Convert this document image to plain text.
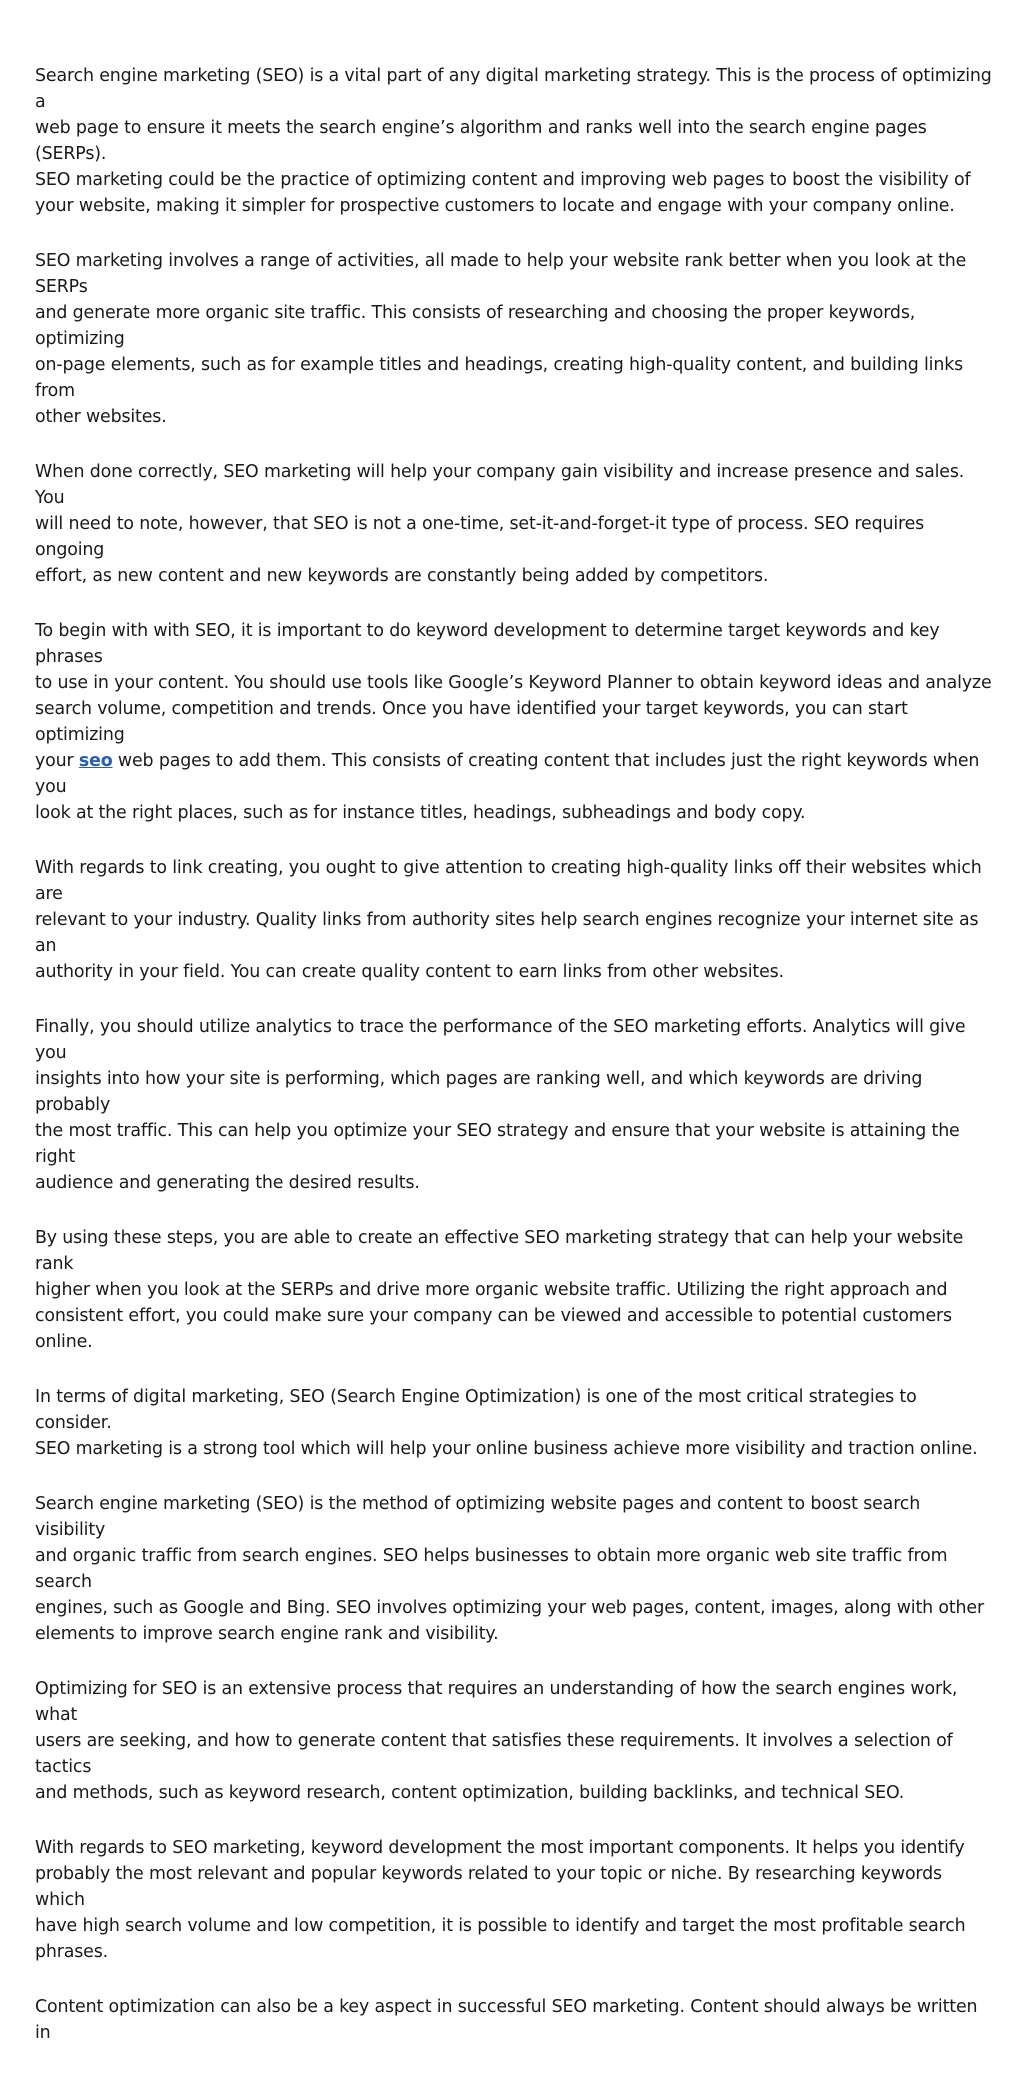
Search engine marketing (SEO) is a vital part of any digital marketing strategy. This is the process of optimizing a
web page to ensure it meets the search engine’s algorithm and ranks well into the search engine pages (SERPs).
SEO marketing could be the practice of optimizing content and improving web pages to boost the visibility of
your website, making it simpler for prospective customers to locate and engage with your company online.

SEO marketing involves a range of activities, all made to help your website rank better when you look at the SERPs
and generate more organic site traffic. This consists of researching and choosing the proper keywords, optimizing
on-page elements, such as for example titles and headings, creating high-quality content, and building links from
other websites.

When done correctly, SEO marketing will help your company gain visibility and increase presence and sales. You
will need to note, however, that SEO is not a one-time, set-it-and-forget-it type of process. SEO requires ongoing
effort, as new content and new keywords are constantly being added by competitors.

To begin with with SEO, it is important to do keyword development to determine target keywords and key phrases
to use in your content. You should use tools like Google’s Keyword Planner to obtain keyword ideas and analyze
search volume, competition and trends. Once you have identified your target keywords, you can start optimizing
your seo web pages to add them. This consists of creating content that includes just the right keywords when you
look at the right places, such as for instance titles, headings, subheadings and body copy.

With regards to link creating, you ought to give attention to creating high-quality links off their websites which are
relevant to your industry. Quality links from authority sites help search engines recognize your internet site as an
authority in your field. You can create quality content to earn links from other websites.

Finally, you should utilize analytics to trace the performance of the SEO marketing efforts. Analytics will give you
insights into how your site is performing, which pages are ranking well, and which keywords are driving probably
the most traffic. This can help you optimize your SEO strategy and ensure that your website is attaining the right
audience and generating the desired results.

By using these steps, you are able to create an effective SEO marketing strategy that can help your website rank
higher when you look at the SERPs and drive more organic website traffic. Utilizing the right approach and
consistent effort, you could make sure your company can be viewed and accessible to potential customers online.

In terms of digital marketing, SEO (Search Engine Optimization) is one of the most critical strategies to consider.
SEO marketing is a strong tool which will help your online business achieve more visibility and traction online.

Search engine marketing (SEO) is the method of optimizing website pages and content to boost search visibility
and organic traffic from search engines. SEO helps businesses to obtain more organic web site traffic from search
engines, such as Google and Bing. SEO involves optimizing your web pages, content, images, along with other
elements to improve search engine rank and visibility.

Optimizing for SEO is an extensive process that requires an understanding of how the search engines work, what
users are seeking, and how to generate content that satisfies these requirements. It involves a selection of tactics
and methods, such as keyword research, content optimization, building backlinks, and technical SEO.

With regards to SEO marketing, keyword development the most important components. It helps you identify
probably the most relevant and popular keywords related to your topic or niche. By researching keywords which
have high search volume and low competition, it is possible to identify and target the most profitable search
phrases.

Content optimization can also be a key aspect in successful SEO marketing. Content should always be written in
